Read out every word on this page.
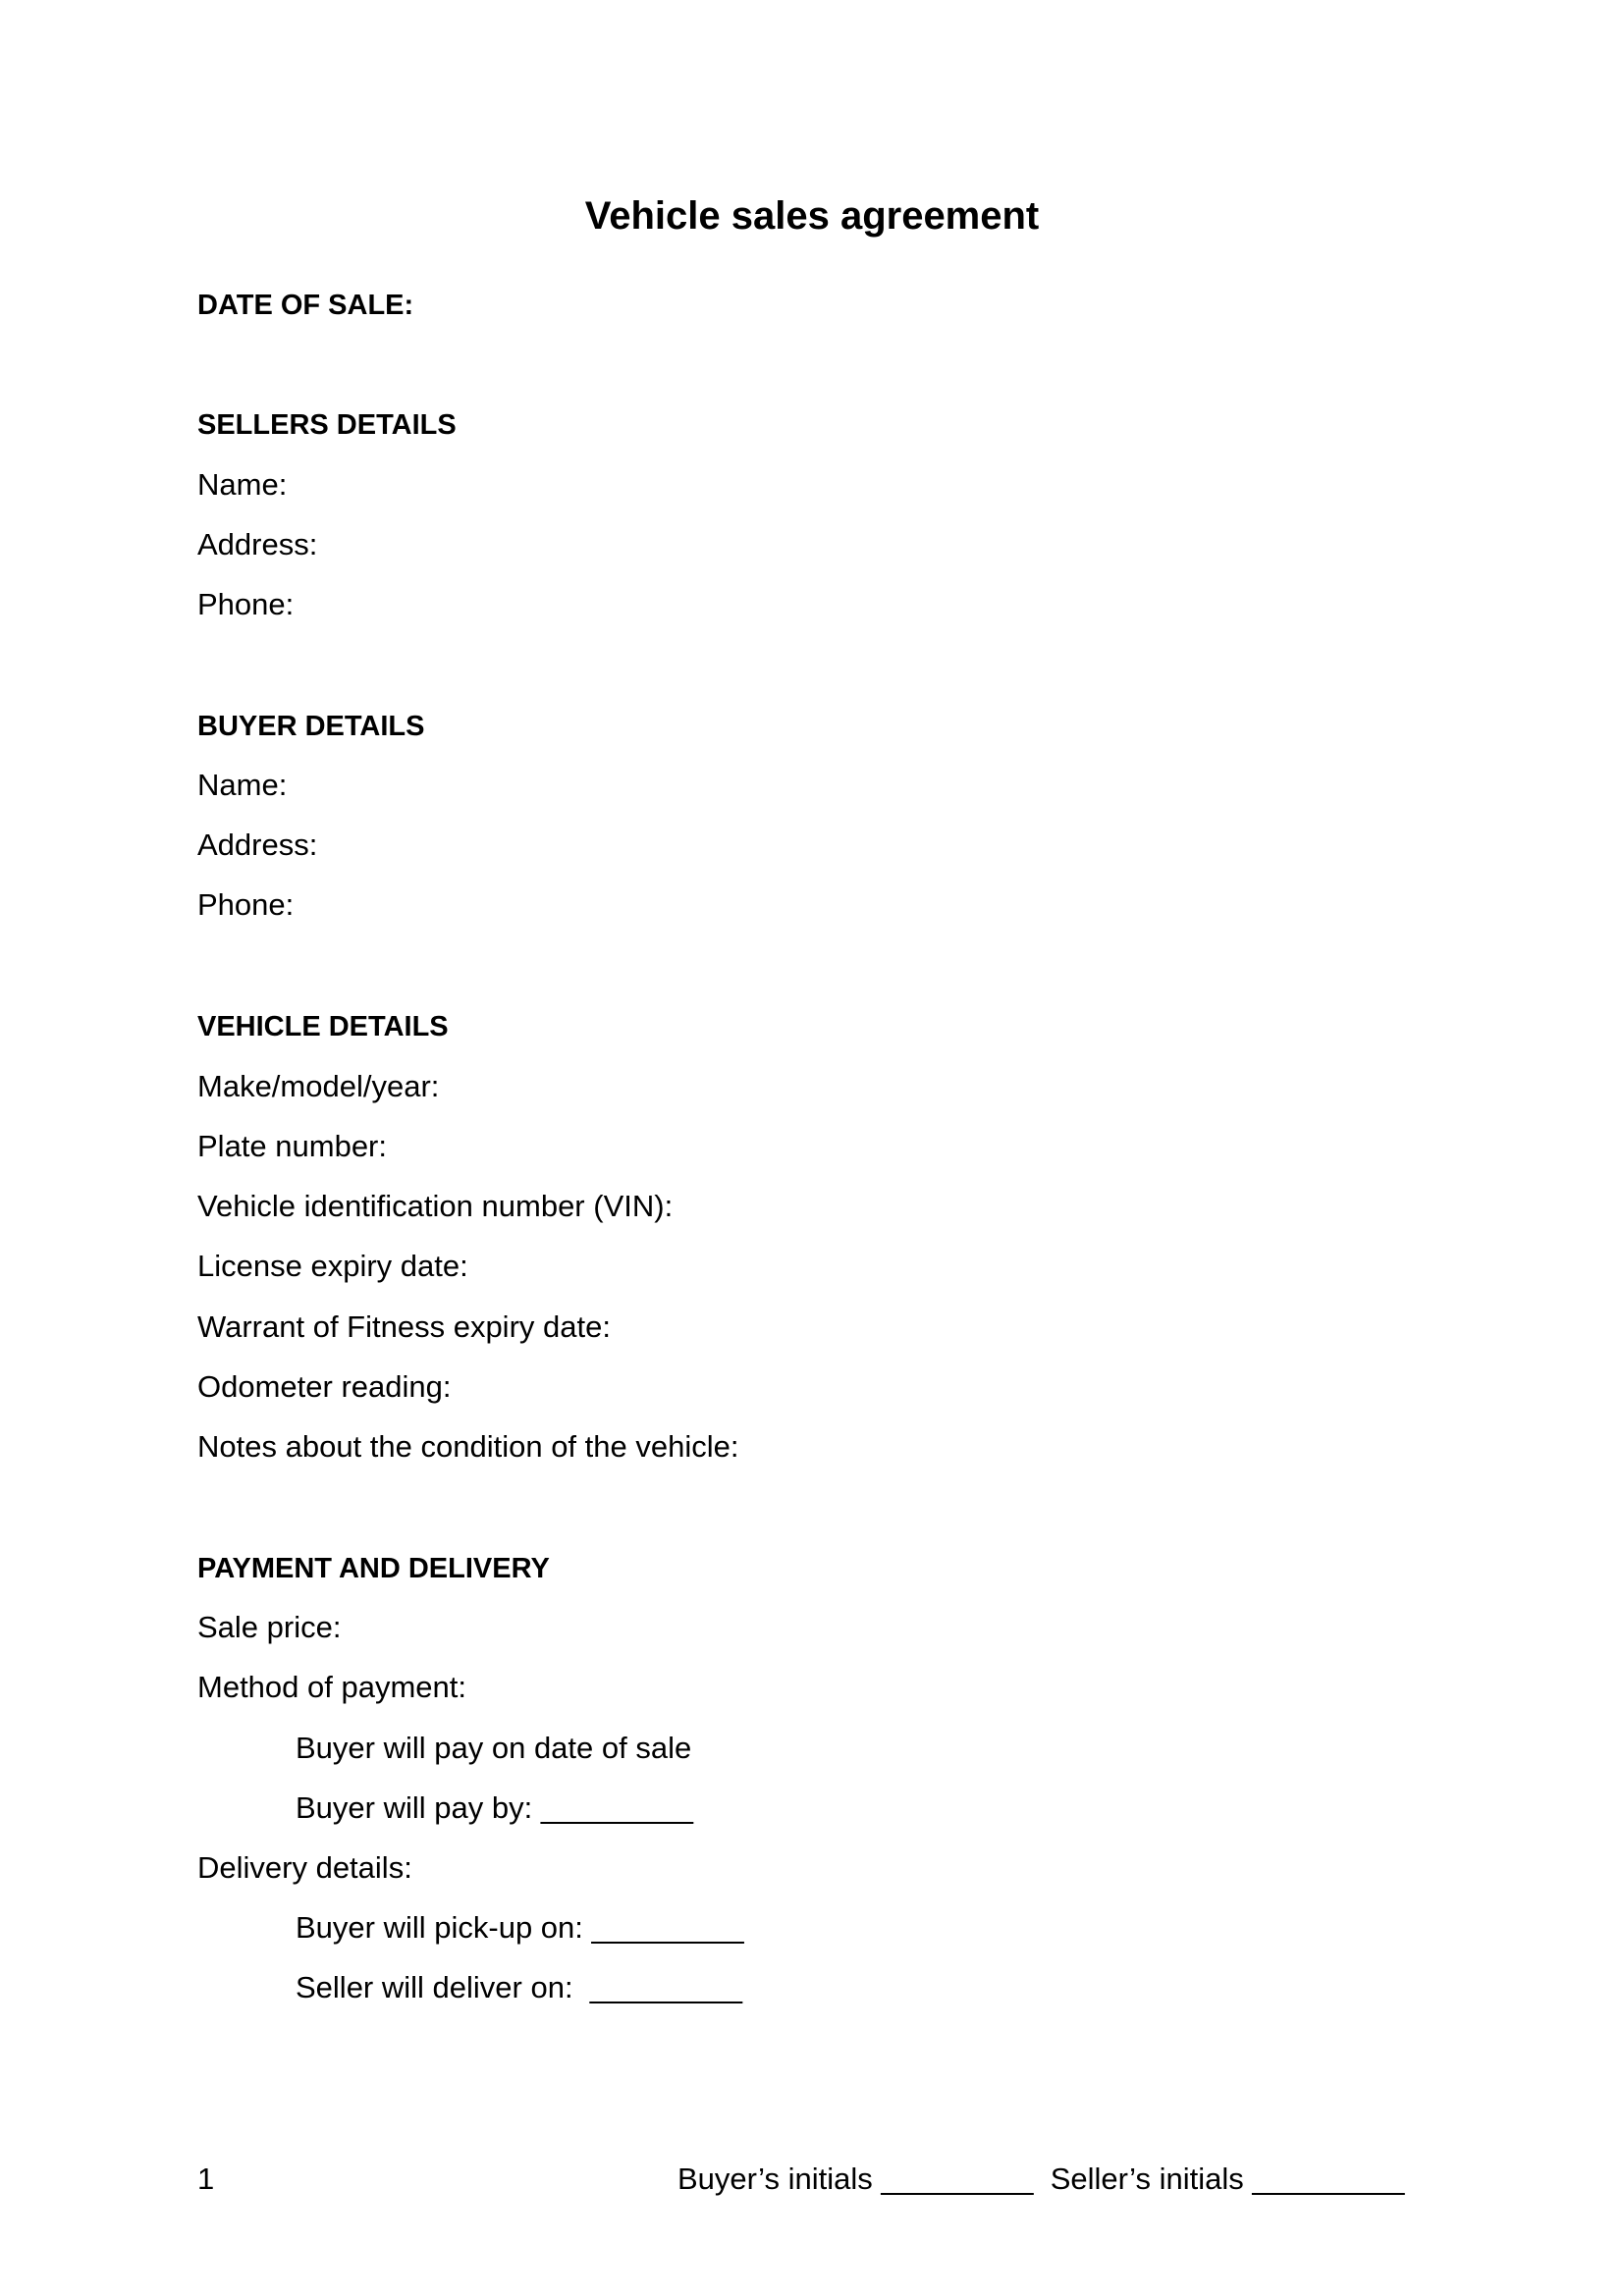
Vehicle sales agreement
DATE OF SALE:
SELLERS DETAILS
Name:
Address:
Phone:
BUYER DETAILS
Name:
Address:
Phone:
VEHICLE DETAILS
Make/model/year:
Plate number:
Vehicle identification number (VIN):
License expiry date:
Warrant of Fitness expiry date:
Odometer reading:
Notes about the condition of the vehicle:
PAYMENT AND DELIVERY
Sale price:
Method of payment:
Buyer will pay on date of sale
Buyer will pay by: _________
Delivery details:
Buyer will pick-up on: _________
Seller will deliver on:  _________
1	Buyer’s initials _________  Seller’s initials _________
